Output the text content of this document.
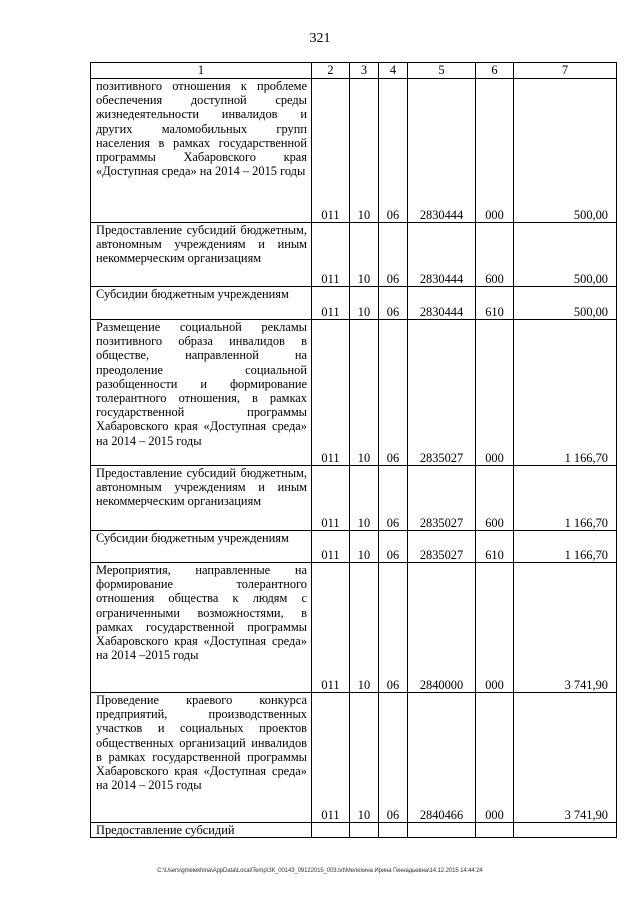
321
1	2	3	4	5	6	7
позитивного отношения к проблеме обеспечения доступной среды жизнедеятельности инвалидов и других маломобильных групп населения в рамках государственной программы Хабаровского края «Доступная среда» на 2014 – 2015 годы	011	10	06	2830444	000	500,00
Предоставление субсидий бюджетным, автономным учреждениям и иным некоммерческим организациям	011	10	06	2830444	600	500,00
Субсидии бюджетным учреждениям	011	10	06	2830444	610	500,00
Размещение социальной рекламы позитивного образа инвалидов в обществе, направленной на преодоление социальной разобщенности и формирование толерантного отношения, в рамках государственной программы Хабаровского края «Доступная среда» на 2014 – 2015 годы	011	10	06	2835027	000	1 166,70
Предоставление субсидий бюджетным, автономным учреждениям и иным некоммерческим организациям	011	10	06	2835027	600	1 166,70
Субсидии бюджетным учреждениям	011	10	06	2835027	610	1 166,70
Мероприятия, направленные на формирование толерантного отношения общества к людям с ограниченными возможностями, в рамках государственной программы Хабаровского края «Доступная среда» на 2014 –2015 годы	011	10	06	2840000	000	3 741,90
Проведение краевого конкурса предприятий, производственных участков и социальных проектов общественных организаций инвалидов в рамках государственной программы Хабаровского края «Доступная среда» на 2014 – 2015 годы	011	10	06	2840466	000	3 741,90
Предоставление субсидий						
C:\Users\gmelekhina\AppData\Local\Temp\ЗК_00143_09122015_003.txt\Мелехина Ирина Геннадьевна\14.12.2015 14:44:24
